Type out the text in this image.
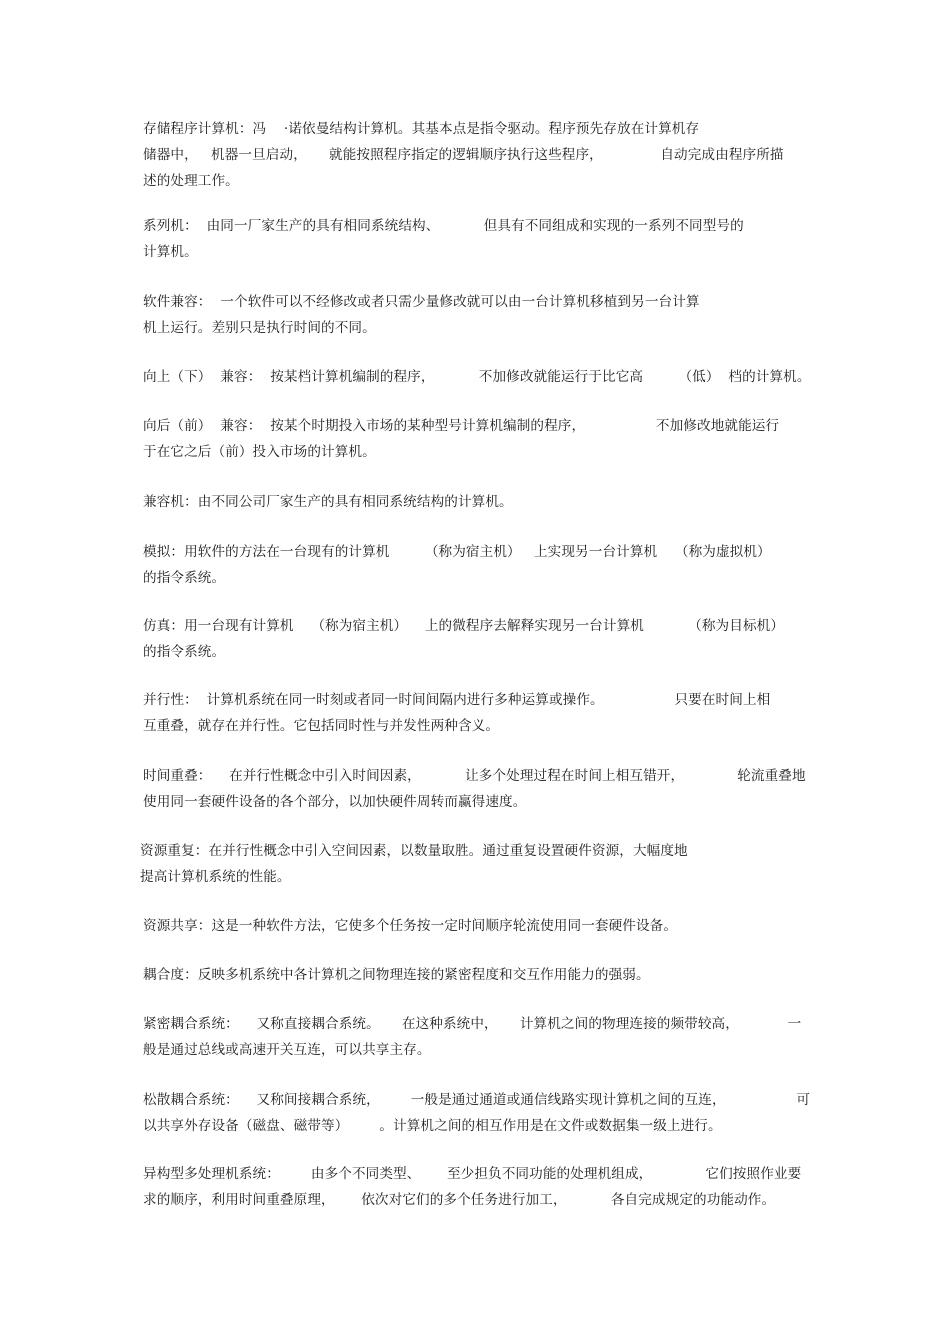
存储程序计算机：冯    ·诺依曼结构计算机。其基本点是指令驱动。程序预先存放在计算机存
储器中，   机器一旦启动，     就能按照程序指定的逻辑顺序执行这些程序，             自动完成由程序所描
述的处理工作。
系列机：  由同一厂家生产的具有相同系统结构、          但具有不同组成和实现的一系列不同型号的
计算机。
软件兼容：  一个软件可以不经修改或者只需少量修改就可以由一台计算机移植到另一台计算
机上运行。差别只是执行时间的不同。
向上（下）  兼容：  按某档计算机编制的程序，          不加修改就能运行于比它高        （低）  档的计算机。
向后（前）  兼容：  按某个时期投入市场的某种型号计算机编制的程序，                不加修改地就能运行
于在它之后（前）投入市场的计算机。
兼容机：由不同公司厂家生产的具有相同系统结构的计算机。
模拟：用软件的方法在一台现有的计算机        （称为宿主机）   上实现另一台计算机    （称为虚拟机）
的指令系统。
仿真：用一台现有计算机    （称为宿主机）    上的微程序去解释实现另一台计算机          （称为目标机）
的指令系统。
并行性：  计算机系统在同一时刻或者同一时间间隔内进行多种运算或操作。                只要在时间上相
互重叠，就存在并行性。它包括同时性与并发性两种含义。
时间重叠：    在并行性概念中引入时间因素，          让多个处理过程在时间上相互错开，            轮流重叠地
使用同一套硬件设备的各个部分，以加快硬件周转而赢得速度。
资源重复：在并行性概念中引入空间因素，以数量取胜。通过重复设置硬件资源，大幅度地
提高计算机系统的性能。
资源共享：这是一种软件方法，它使多个任务按一定时间顺序轮流使用同一套硬件设备。
耦合度：反映多机系统中各计算机之间物理连接的紧密程度和交互作用能力的强弱。
紧密耦合系统：    又称直接耦合系统。     在这种系统中，     计算机之间的物理连接的频带较高，           一
般是通过总线或高速开关互连，可以共享主存。
松散耦合系统：    又称间接耦合系统，       一般是通过通道或通信线路实现计算机之间的互连，                可
以共享外存设备（磁盘、磁带等）       。计算机之间的相互作用是在文件或数据集一级上进行。
异构型多处理机系统：       由多个不同类型、      至少担负不同功能的处理机组成，            它们按照作业要
求的顺序，利用时间重叠原理，      依次对它们的多个任务进行加工，          各自完成规定的功能动作。
